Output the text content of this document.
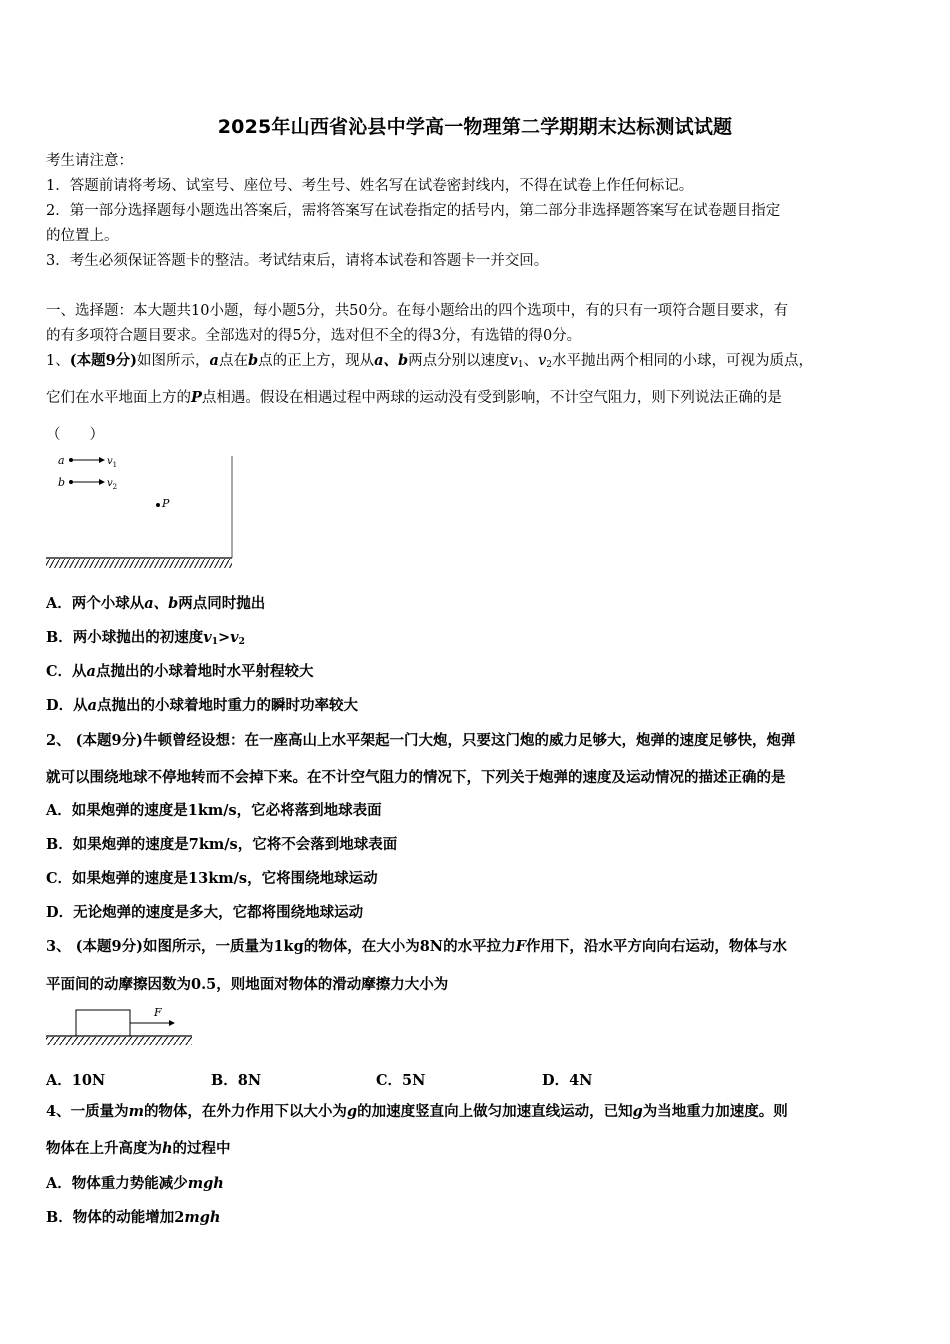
2025年山西省沁县中学高一物理第二学期期末达标测试试题
考生请注意：
1．答题前请将考场、试室号、座位号、考生号、姓名写在试卷密封线内，不得在试卷上作任何标记。
2．第一部分选择题每小题选出答案后，需将答案写在试卷指定的括号内，第二部分非选择题答案写在试卷题目指定
的位置上。
3．考生必须保证答题卡的整洁。考试结束后，请将本试卷和答题卡一并交回。
一、选择题：本大题共10小题，每小题5分，共50分。在每小题给出的四个选项中，有的只有一项符合题目要求，有
的有多项符合题目要求。全部选对的得5分，选对但不全的得3分，有选错的得0分。
1、(本题9分)如图所示，a点在b点的正上方，现从a、b两点分别以速度$v_1$、$v_2$水平抛出两个相同的小球，可视为质点，
它们在水平地面上方的P点相遇。假设在相遇过程中两球的运动没有受到影响，不计空气阻力，则下列说法正确的是
（　　）
a	$v_1$
b	$v_2$
P
A．两个小球从a、b两点同时抛出
B．两小球抛出的初速度$v_1>v_2$
C．从a点抛出的小球着地时水平射程较大
D．从a点抛出的小球着地时重力的瞬时功率较大
2、 (本题9分)牛顿曾经设想：在一座高山上水平架起一门大炮，只要这门炮的威力足够大，炮弹的速度足够快，炮弹
就可以围绕地球不停地转而不会掉下来。在不计空气阻力的情况下，下列关于炮弹的速度及运动情况的描述正确的是
A．如果炮弹的速度是1km/s，它必将落到地球表面
B．如果炮弹的速度是7km/s，它将不会落到地球表面
C．如果炮弹的速度是13km/s，它将围绕地球运动
D．无论炮弹的速度是多大，它都将围绕地球运动
3、 (本题9分)如图所示，一质量为1kg的物体，在大小为8N的水平拉力F作用下，沿水平方向向右运动，物体与水
平面间的动摩擦因数为0.5，则地面对物体的滑动摩擦力大小为
F
A．10N	B．8N	C．5N	D．4N
4、一质量为m的物体，在外力作用下以大小为g的加速度竖直向上做匀加速直线运动，已知g为当地重力加速度。则
物体在上升高度为h的过程中
A．物体重力势能减少mgh
B．物体的动能增加2mgh
